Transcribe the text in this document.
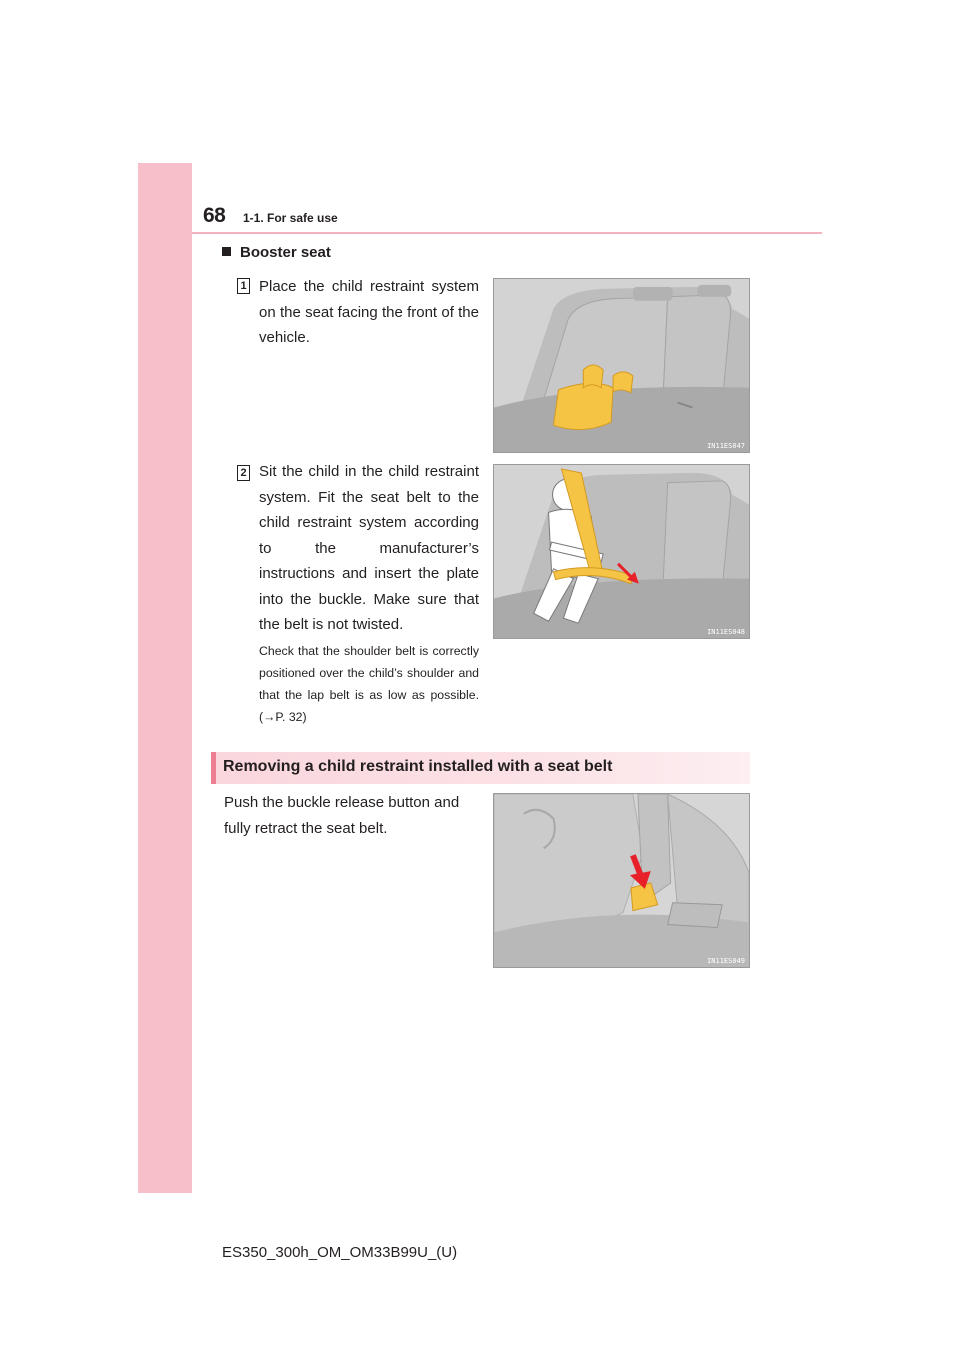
68 1-1. For safe use
Booster seat
1 Place the child restraint system on the seat facing the front of the vehicle.

IN11ES047
2 Sit the child in the child restraint system. Fit the seat belt to the child restraint system according to the manufacturer’s instructions and insert the plate into the buckle. Make sure that the belt is not twisted.

Check that the shoulder belt is correctly positioned over the child’s shoulder and that the lap belt is as low as possible. (→P. 32)

IN11ES048
Removing a child restraint installed with a seat belt

Push the buckle release button and fully retract the seat belt.

IN11ES049
ES350_300h_OM_OM33B99U_(U)
